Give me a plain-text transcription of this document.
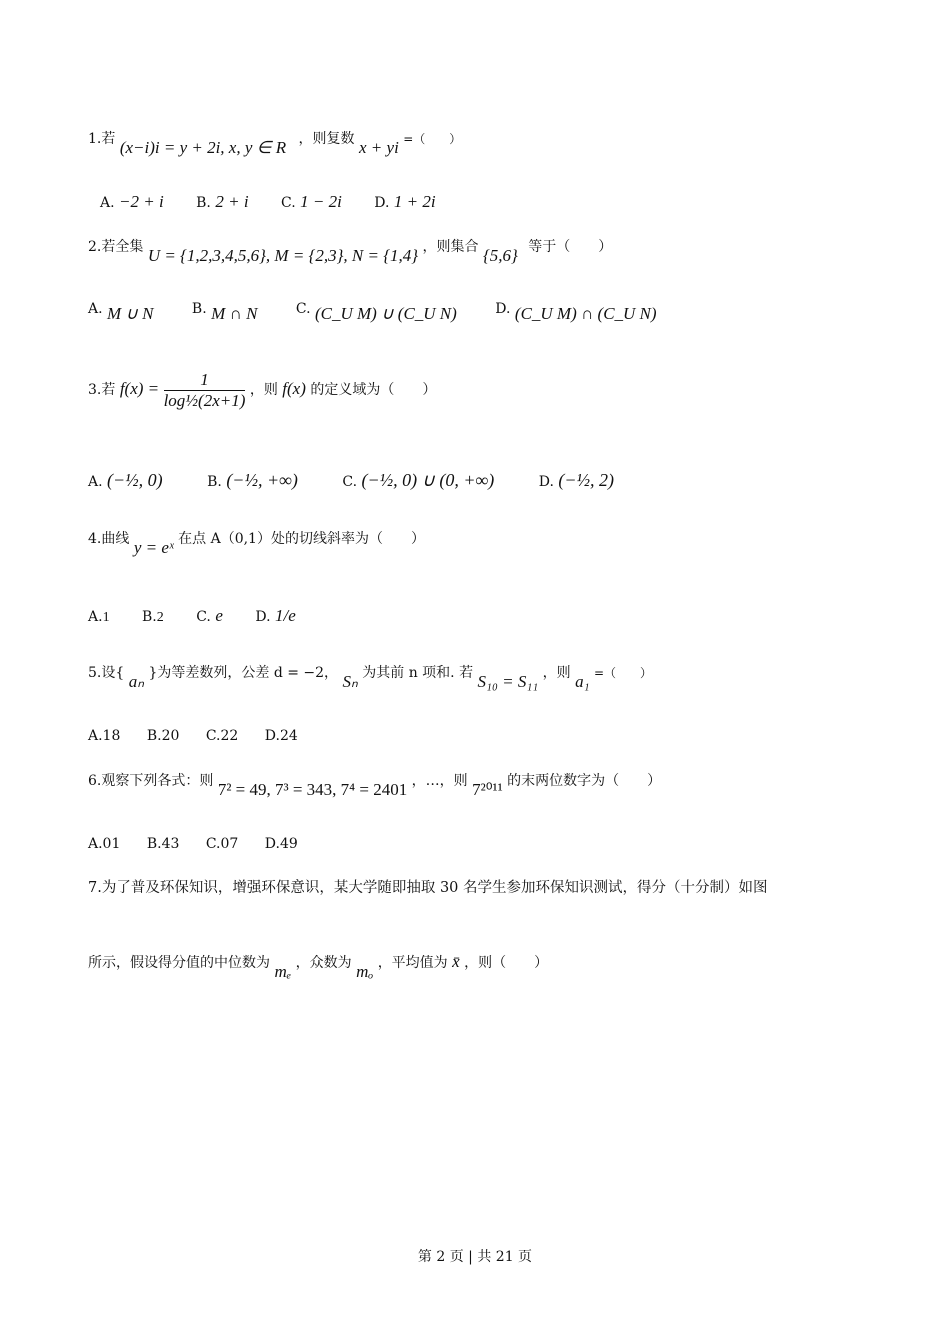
1.若 (x−i)i = y + 2i, x, y ∈ R ，则复数 x + yi =（　　）
A. −2 + i B. 2 + i C. 1 − 2i D. 1 + 2i
2.若全集 U = {1,2,3,4,5,6}, M = {2,3}, N = {1,4} ，则集合 {5,6} 等于（　　）
A. M ∪ N	B. M ∩ N	C. (C_U M) ∪ (C_U N)	D. (C_U M) ∩ (C_U N)
3.若 $f(x) = \frac{1}{\text{log½(2x+1)}}$ ，则 f(x) 的定义域为（　　）
A. (−½, 0)	B. (−½, +∞)	C. (−½, 0) ∪ (0, +∞)	D. (−½, 2)
4.曲线 y = eˣ 在点 A（0,1）处的切线斜率为（　　）
A.1 B.2 C. e D. 1/e
5.设{ aₙ }为等差数列，公差 d = −2， Sₙ 为其前 n 项和. 若 S₁₀ = S₁₁ ，则 a₁ =（　　）
A.18 B.20 C.22 D.24
6.观察下列各式：则 7² = 49, 7³ = 343, 7⁴ = 2401 ，…，则 7²⁰¹¹ 的末两位数字为（　　）
A.01 B.43 C.07 D.49
7.为了普及环保知识，增强环保意识，某大学随即抽取 30 名学生参加环保知识测试，得分（十分制）如图
所示，假设得分值的中位数为 mₑ ，众数为 mₒ ，平均值为 x̄ ，则（　　）
第 2 页 | 共 21 页
